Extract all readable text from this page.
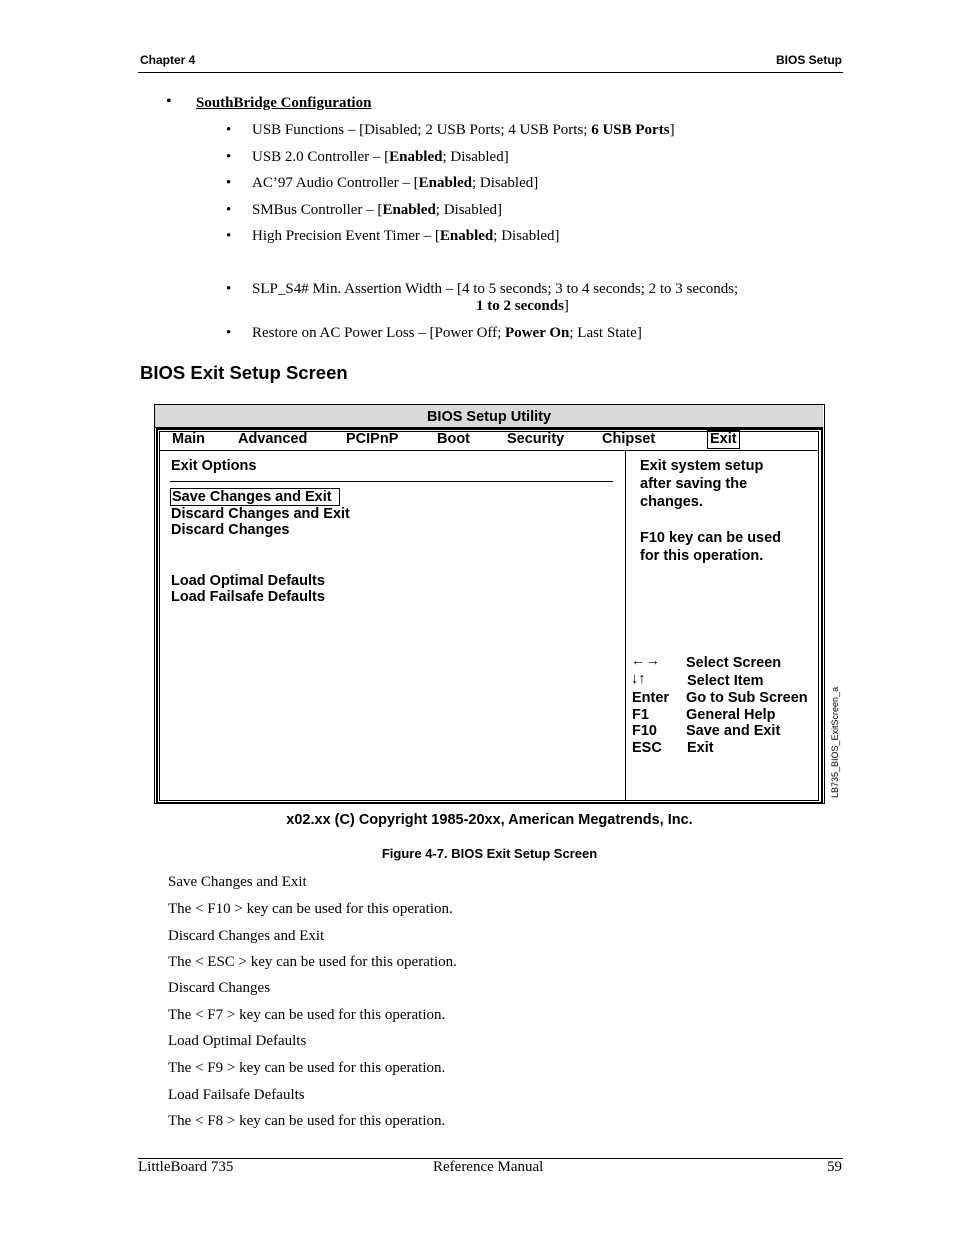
Chapter 4	BIOS Setup
• SouthBridge Configuration
• USB Functions – [Disabled; 2 USB Ports; 4 USB Ports; 6 USB Ports]
• USB 2.0 Controller – [Enabled; Disabled]
• AC’97 Audio Controller – [Enabled; Disabled]
• SMBus Controller – [Enabled; Disabled]
• High Precision Event Timer – [Enabled; Disabled]
• SLP_S4# Min. Assertion Width – [4 to 5 seconds; 3 to 4 seconds; 2 to 3 seconds;
1 to 2 seconds]
• Restore on AC Power Loss – [Power Off; Power On; Last State]
BIOS Exit Setup Screen
BIOS Setup Utility
Main Advanced	PCIPnP	Boot	Security	Chipset	Exit
Exit Options
Save Changes and Exit
Discard Changes and Exit
Discard Changes
Load Optimal Defaults
Load Failsafe Defaults
Exit system setup
after saving the
changes.
F10 key can be used
for this operation.
←→ Select Screen
↓↑	Select Item
Enter Go to Sub Screen
F1	General Help
F10 Save and Exit
ESC Exit	LB735_BIOS_ExitScreen_a
x02.xx (C) Copyright 1985-20xx, American Megatrends, Inc.
Figure 4-7. BIOS Exit Setup Screen
Save Changes and Exit
The < F10 > key can be used for this operation.
Discard Changes and Exit
The < ESC > key can be used for this operation.
Discard Changes
The < F7 > key can be used for this operation.
Load Optimal Defaults
The < F9 > key can be used for this operation.
Load Failsafe Defaults
The < F8 > key can be used for this operation.
LittleBoard 735	Reference Manual	59
